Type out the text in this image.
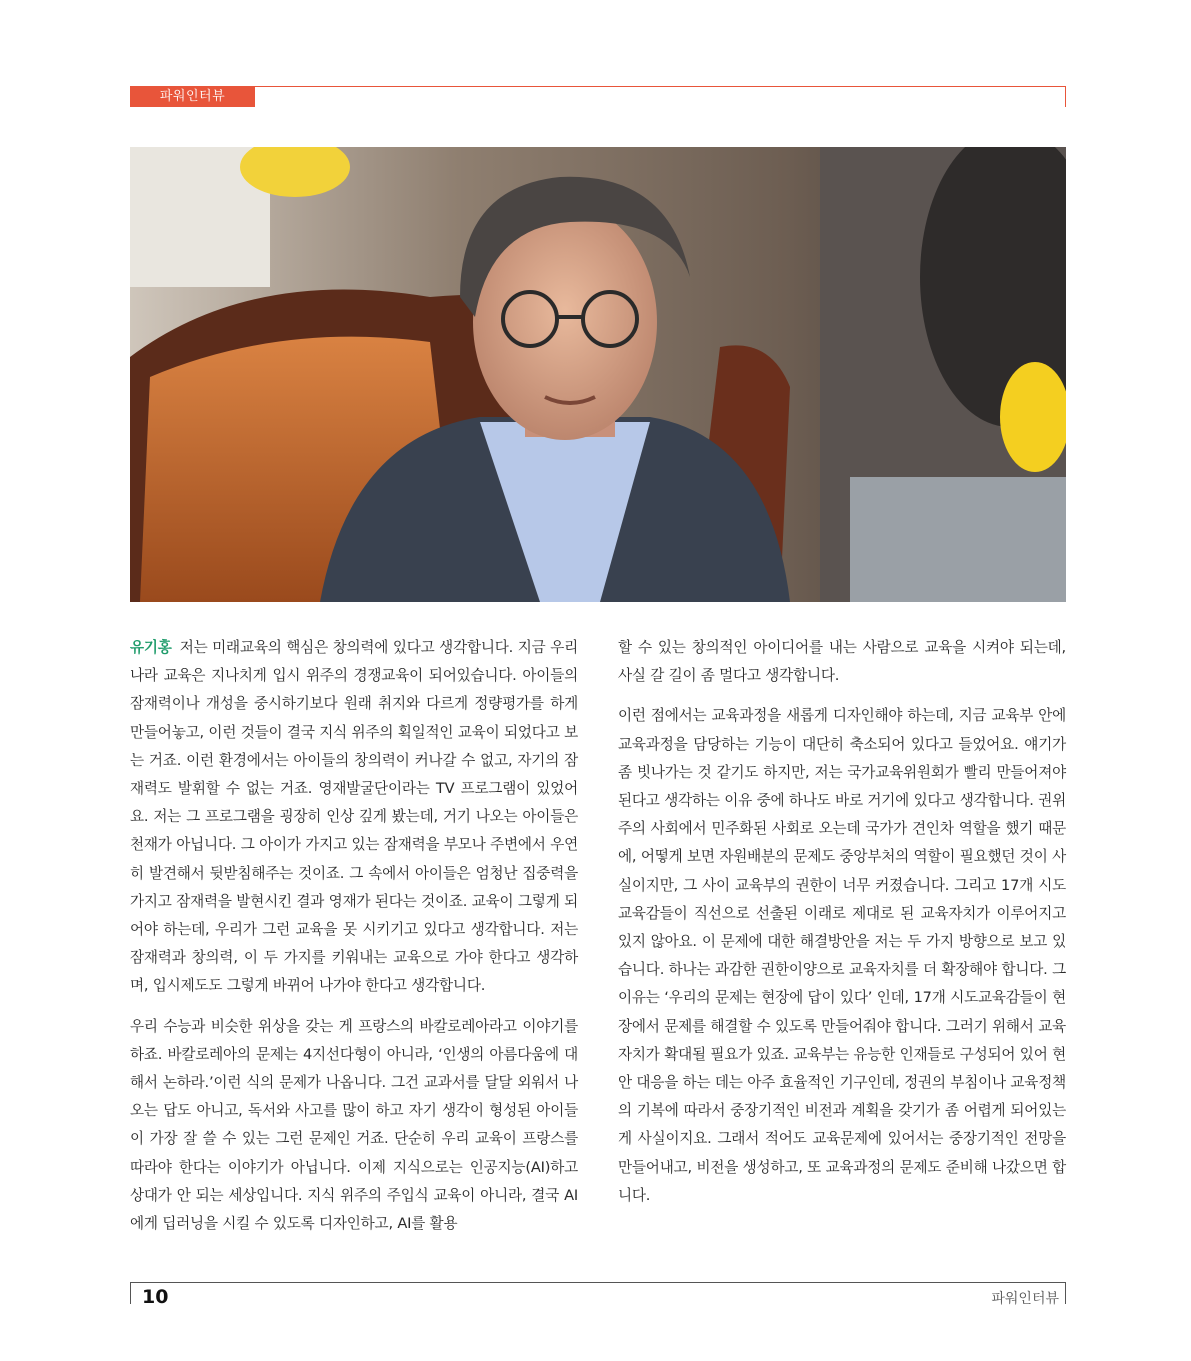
파워인터뷰

유기홍 저는 미래교육의 핵심은 창의력에 있다고 생각합니다. 지금 우리나라 교육은 지나치게 입시 위주의 경쟁교육이 되어있습니다. 아이들의 잠재력이나 개성을 중시하기보다 원래 취지와 다르게 정량평가를 하게 만들어놓고, 이런 것들이 결국 지식 위주의 획일적인 교육이 되었다고 보는 거죠. 이런 환경에서는 아이들의 창의력이 커나갈 수 없고, 자기의 잠재력도 발휘할 수 없는 거죠. 영재발굴단이라는 TV 프로그램이 있었어요. 저는 그 프로그램을 굉장히 인상 깊게 봤는데, 거기 나오는 아이들은 천재가 아닙니다. 그 아이가 가지고 있는 잠재력을 부모나 주변에서 우연히 발견해서 뒷받침해주는 것이죠. 그 속에서 아이들은 엄청난 집중력을 가지고 잠재력을 발현시킨 결과 영재가 된다는 것이죠. 교육이 그렇게 되어야 하는데, 우리가 그런 교육을 못 시키기고 있다고 생각합니다. 저는 잠재력과 창의력, 이 두 가지를 키워내는 교육으로 가야 한다고 생각하며, 입시제도도 그렇게 바뀌어 나가야 한다고 생각합니다.

우리 수능과 비슷한 위상을 갖는 게 프랑스의 바칼로레아라고 이야기를 하죠. 바칼로레아의 문제는 4지선다형이 아니라, ‘인생의 아름다움에 대해서 논하라.’이런 식의 문제가 나옵니다. 그건 교과서를 달달 외워서 나오는 답도 아니고, 독서와 사고를 많이 하고 자기 생각이 형성된 아이들이 가장 잘 쓸 수 있는 그런 문제인 거죠. 단순히 우리 교육이 프랑스를 따라야 한다는 이야기가 아닙니다. 이제 지식으로는 인공지능(AI)하고 상대가 안 되는 세상입니다. 지식 위주의 주입식 교육이 아니라, 결국 AI에게 딥러닝을 시킬 수 있도록 디자인하고, AI를 활용

할 수 있는 창의적인 아이디어를 내는 사람으로 교육을 시켜야 되는데, 사실 갈 길이 좀 멀다고 생각합니다.

이런 점에서는 교육과정을 새롭게 디자인해야 하는데, 지금 교육부 안에 교육과정을 담당하는 기능이 대단히 축소되어 있다고 들었어요. 얘기가 좀 빗나가는 것 같기도 하지만, 저는 국가교육위원회가 빨리 만들어져야 된다고 생각하는 이유 중에 하나도 바로 거기에 있다고 생각합니다. 권위주의 사회에서 민주화된 사회로 오는데 국가가 견인차 역할을 했기 때문에, 어떻게 보면 자원배분의 문제도 중앙부처의 역할이 필요했던 것이 사실이지만, 그 사이 교육부의 권한이 너무 커졌습니다. 그리고 17개 시도교육감들이 직선으로 선출된 이래로 제대로 된 교육자치가 이루어지고 있지 않아요. 이 문제에 대한 해결방안을 저는 두 가지 방향으로 보고 있습니다. 하나는 과감한 권한이양으로 교육자치를 더 확장해야 합니다. 그 이유는 ‘우리의 문제는 현장에 답이 있다’ 인데, 17개 시도교육감들이 현장에서 문제를 해결할 수 있도록 만들어줘야 합니다. 그러기 위해서 교육자치가 확대될 필요가 있죠. 교육부는 유능한 인재들로 구성되어 있어 현안 대응을 하는 데는 아주 효율적인 기구인데, 정권의 부침이나 교육정책의 기복에 따라서 중장기적인 비전과 계획을 갖기가 좀 어렵게 되어있는 게 사실이지요. 그래서 적어도 교육문제에 있어서는 중장기적인 전망을 만들어내고, 비전을 생성하고, 또 교육과정의 문제도 준비해 나갔으면 합니다.

10	파워인터뷰
